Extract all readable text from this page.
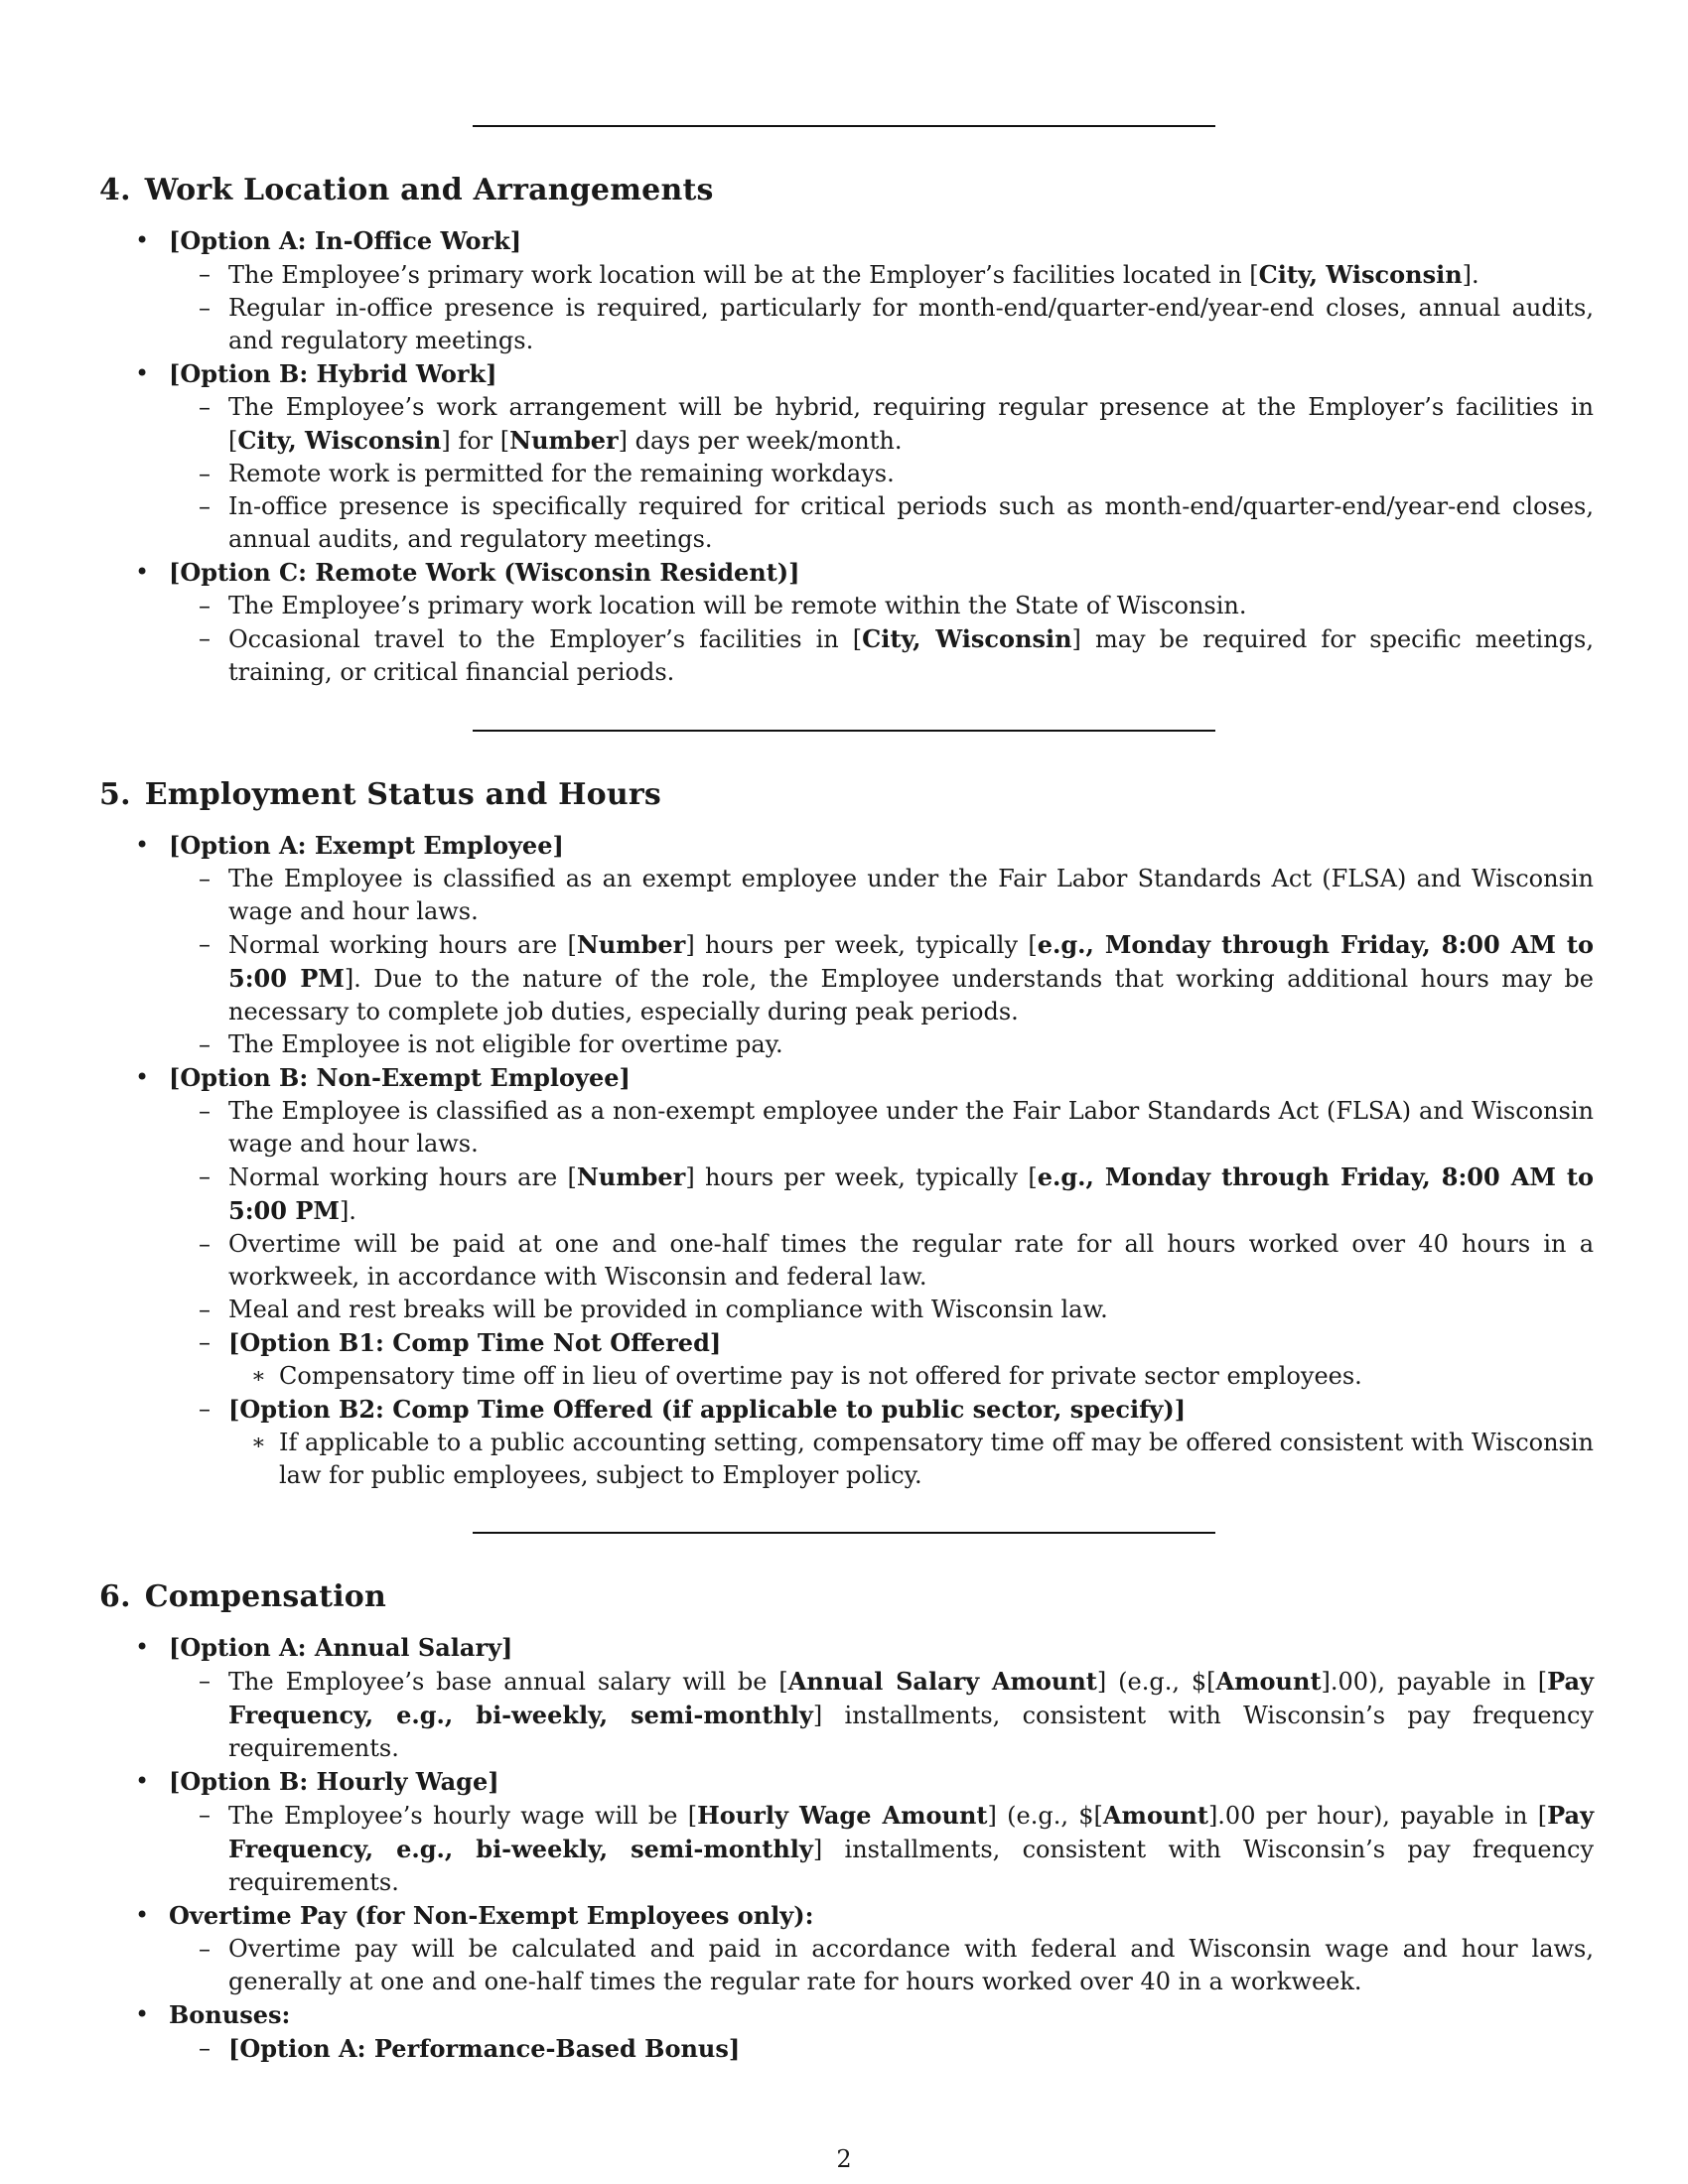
4. Work Location and Arrangements
• [Option A: In-Office Work]
– The Employee’s primary work location will be at the Employer’s facilities located in [City, Wisconsin].
– Regular in-office presence is required, particularly for month-end/quarter-end/year-end closes, annual audits, and regulatory meetings.
• [Option B: Hybrid Work]
– The Employee’s work arrangement will be hybrid, requiring regular presence at the Employer’s facilities in [City, Wisconsin] for [Number] days per week/month.
– Remote work is permitted for the remaining workdays.
– In-office presence is specifically required for critical periods such as month-end/quarter-end/year-end closes, annual audits, and regulatory meetings.
• [Option C: Remote Work (Wisconsin Resident)]
– The Employee’s primary work location will be remote within the State of Wisconsin.
– Occasional travel to the Employer’s facilities in [City, Wisconsin] may be required for specific meetings, training, or critical financial periods.
5. Employment Status and Hours
• [Option A: Exempt Employee]
– The Employee is classified as an exempt employee under the Fair Labor Standards Act (FLSA) and Wisconsin wage and hour laws.
– Normal working hours are [Number] hours per week, typically [e.g., Monday through Friday, 8:00 AM to 5:00 PM]. Due to the nature of the role, the Employee understands that working additional hours may be necessary to complete job duties, especially during peak periods.
– The Employee is not eligible for overtime pay.
• [Option B: Non-Exempt Employee]
– The Employee is classified as a non-exempt employee under the Fair Labor Standards Act (FLSA) and Wisconsin wage and hour laws.
– Normal working hours are [Number] hours per week, typically [e.g., Monday through Friday, 8:00 AM to 5:00 PM].
– Overtime will be paid at one and one-half times the regular rate for all hours worked over 40 hours in a workweek, in accordance with Wisconsin and federal law.
– Meal and rest breaks will be provided in compliance with Wisconsin law.
– [Option B1: Comp Time Not Offered]
∗ Compensatory time off in lieu of overtime pay is not offered for private sector employees.
– [Option B2: Comp Time Offered (if applicable to public sector, specify)]
∗ If applicable to a public accounting setting, compensatory time off may be offered consistent with Wisconsin law for public employees, subject to Employer policy.
6. Compensation
• [Option A: Annual Salary]
– The Employee’s base annual salary will be [Annual Salary Amount] (e.g., $[Amount].00), payable in [Pay Frequency, e.g., bi-weekly, semi-monthly] installments, consistent with Wisconsin’s pay frequency requirements.
• [Option B: Hourly Wage]
– The Employee’s hourly wage will be [Hourly Wage Amount] (e.g., $[Amount].00 per hour), payable in [Pay Frequency, e.g., bi-weekly, semi-monthly] installments, consistent with Wisconsin’s pay frequency requirements.
• Overtime Pay (for Non-Exempt Employees only):
– Overtime pay will be calculated and paid in accordance with federal and Wisconsin wage and hour laws, generally at one and one-half times the regular rate for hours worked over 40 in a workweek.
• Bonuses:
– [Option A: Performance-Based Bonus]
2
